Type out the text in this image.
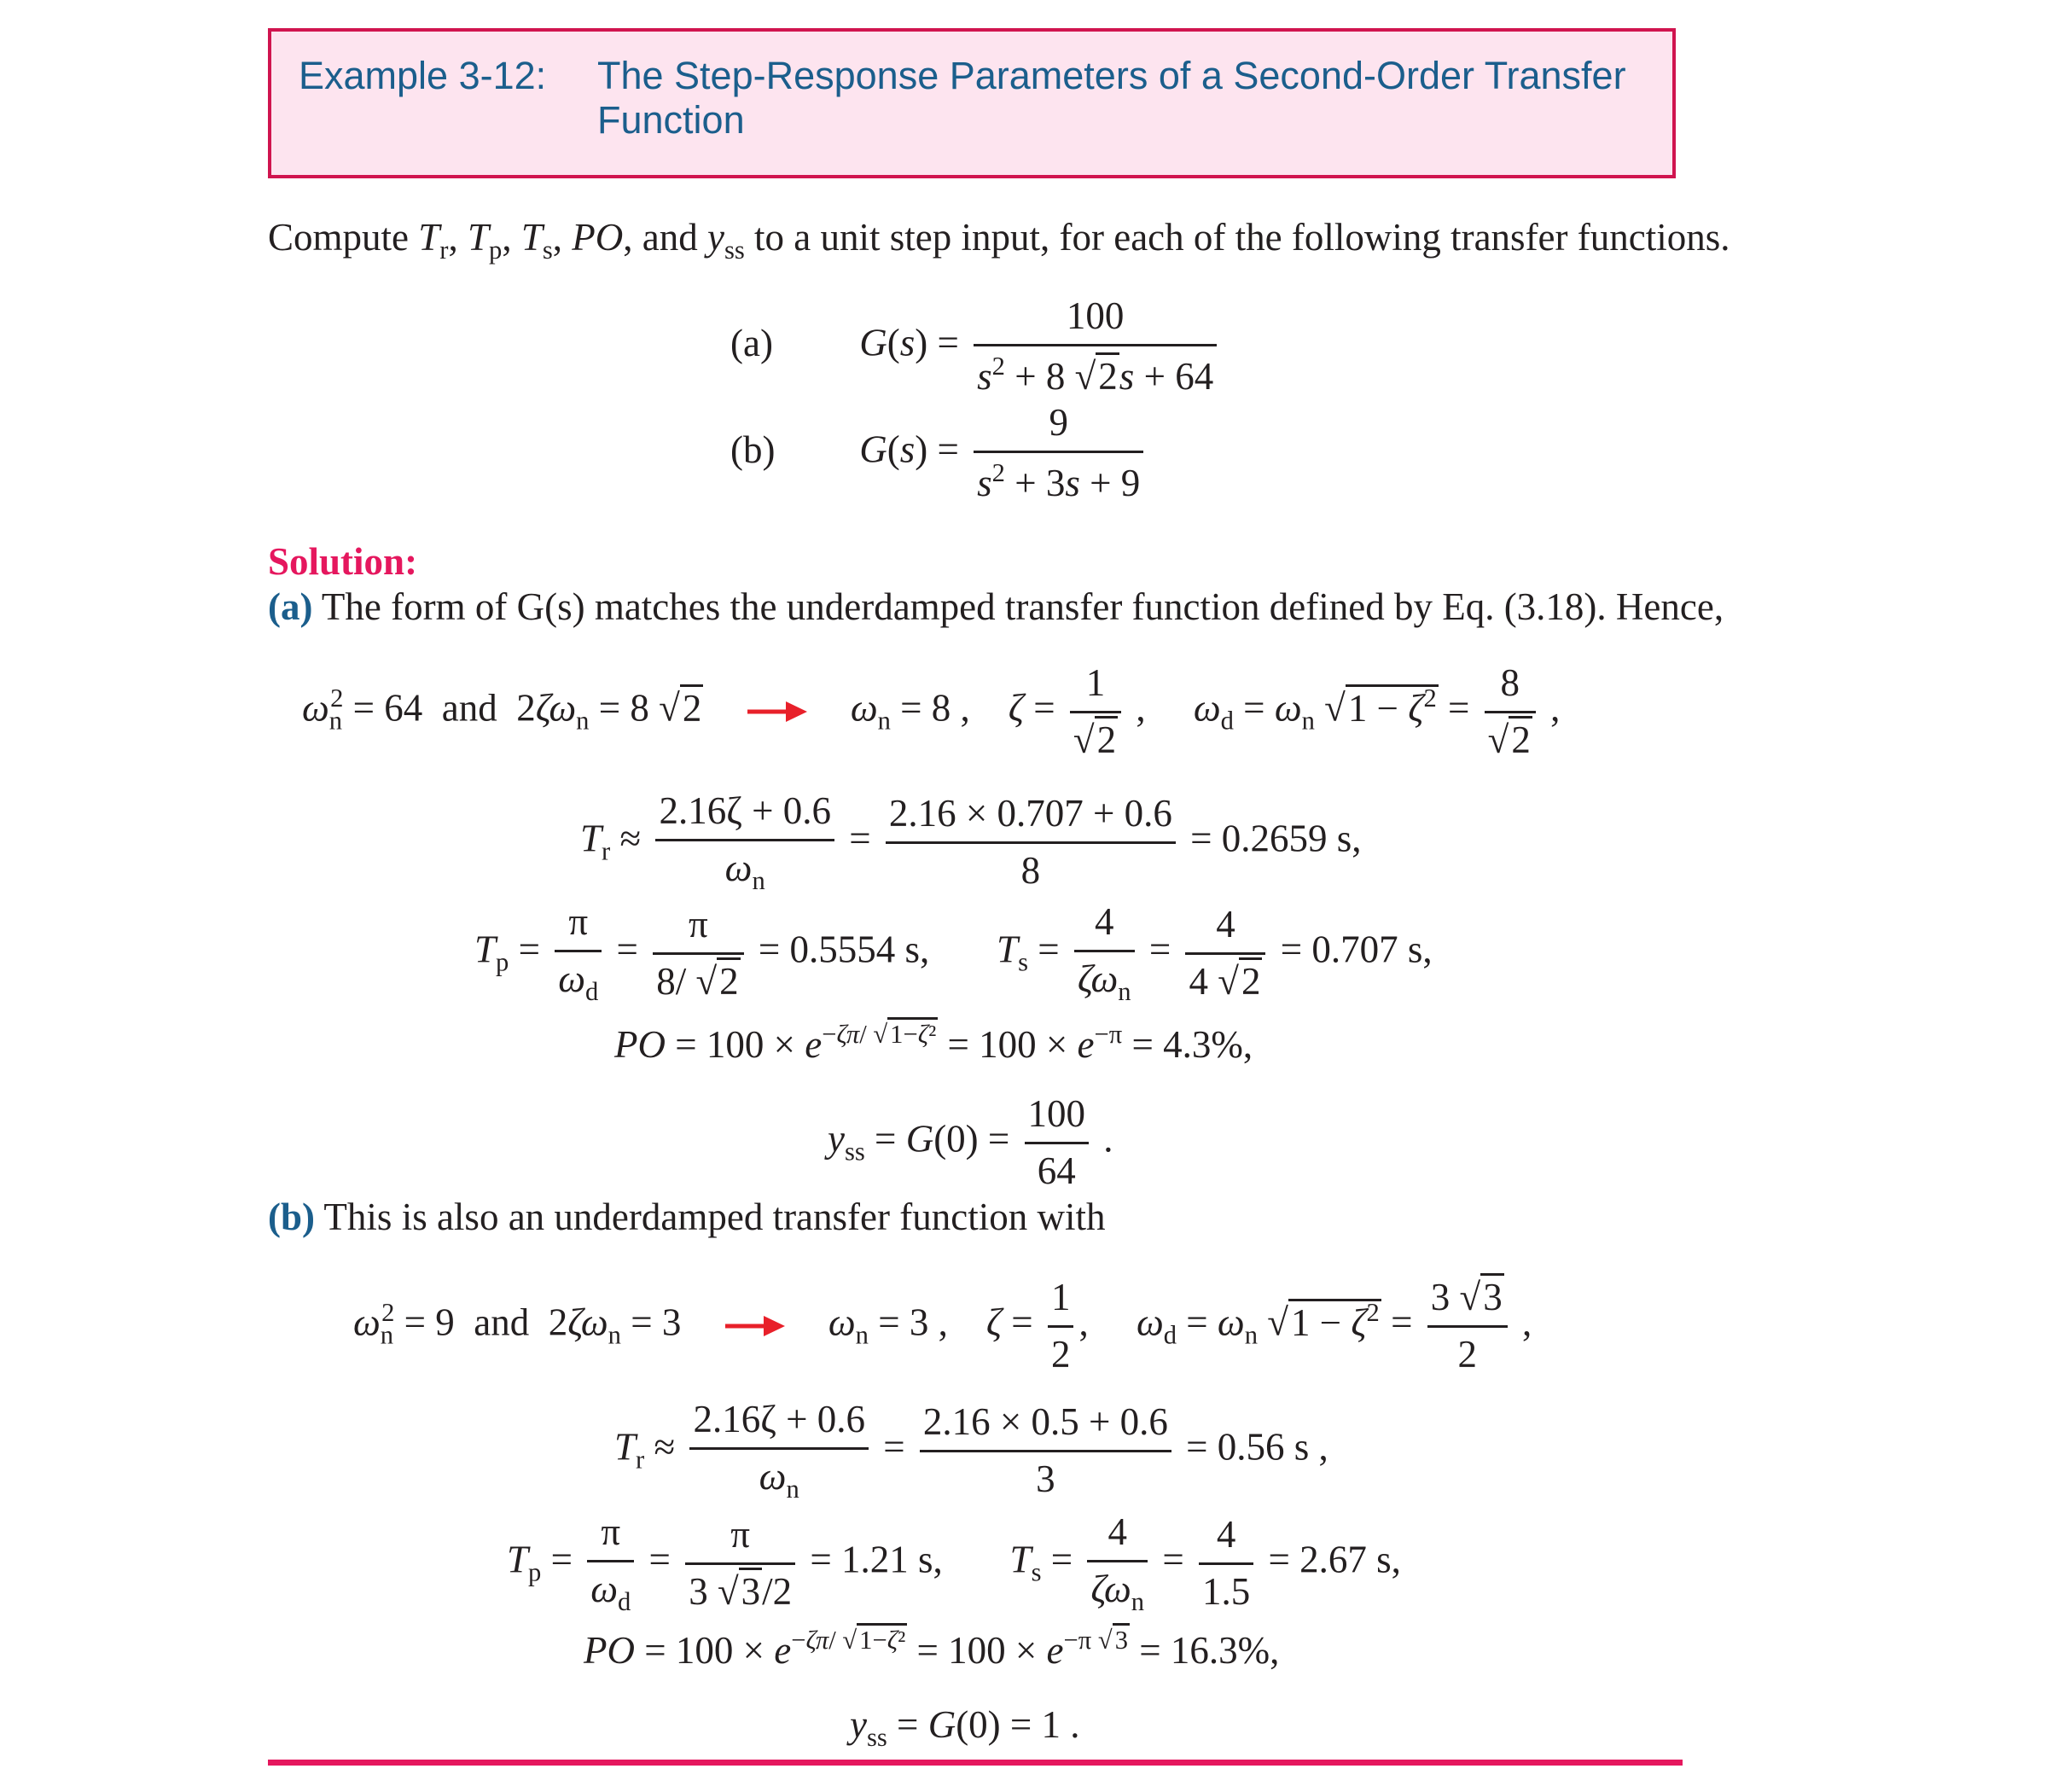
Example 3-12: The Step-Response Parameters of a Second-Order Transfer Function
Compute $T_r$, $T_p$, $T_s$, PO, and $y_{ss}$ to a unit step input, for each of the following transfer functions.
(a) $G(s) = \frac{100}{s^2 + 8 √2s + 64}$
(b) $G(s) = \frac{9}{s^2 + 3s + 9}$
Solution:
(a) The form of G(s) matches the underdamped transfer function defined by Eq. (3.18). Hence,
$\omega_n^2 = 64$  and  $2\zeta\omega_n = 8$ √2	$\omega_n = 8$ ,    $\zeta = \frac{1}{√2}$ ,     $\omega_d = \omega_n$ $√1 - \zeta^2 = \frac{8}{√2}$ ,
$T_r \approx \frac{2.16\zeta + 0.6}{\omega_n} = \frac{2.16 \times 0.707 + 0.6}{8} = 0.2659$ s,
$T_p = \frac{\pi}{\omega_d} = \frac{\pi}{8/ √2} = 0.5554$ s, $T_s = \frac{4}{\zeta\omega_n} = \frac{4}{4 √2} = 0.707$ s,
PO = $100 \times e^{-\zeta\pi/ √1-\zeta^2} = 100 \times e^{-\pi} = 4.3\%$,
$y_{ss} = G(0) = \frac{100}{64}$ .
(b) This is also an underdamped transfer function with
$\omega_n^2 = 9$  and  $2\zeta\omega_n = 3$	$\omega_n = 3$ ,    $\zeta = \frac{1}{2}$ ,     $\omega_d = \omega_n$ $√1 - \zeta^2 = \frac{3 √3}{2}$ ,
$T_r \approx \frac{2.16\zeta + 0.6}{\omega_n} = \frac{2.16 \times 0.5 + 0.6}{3} = 0.56$ s ,
$T_p = \frac{\pi}{\omega_d} = \frac{\pi}{3 √3/2} = 1.21$ s, $T_s = \frac{4}{\zeta\omega_n} = \frac{4}{1.5} = 2.67$ s,
PO = $100 \times e^{-\zeta\pi/ √1-\zeta^2} = 100 \times e^{-\pi √3} = 16.3\%$,
$y_{ss} = G(0) = 1$ .
